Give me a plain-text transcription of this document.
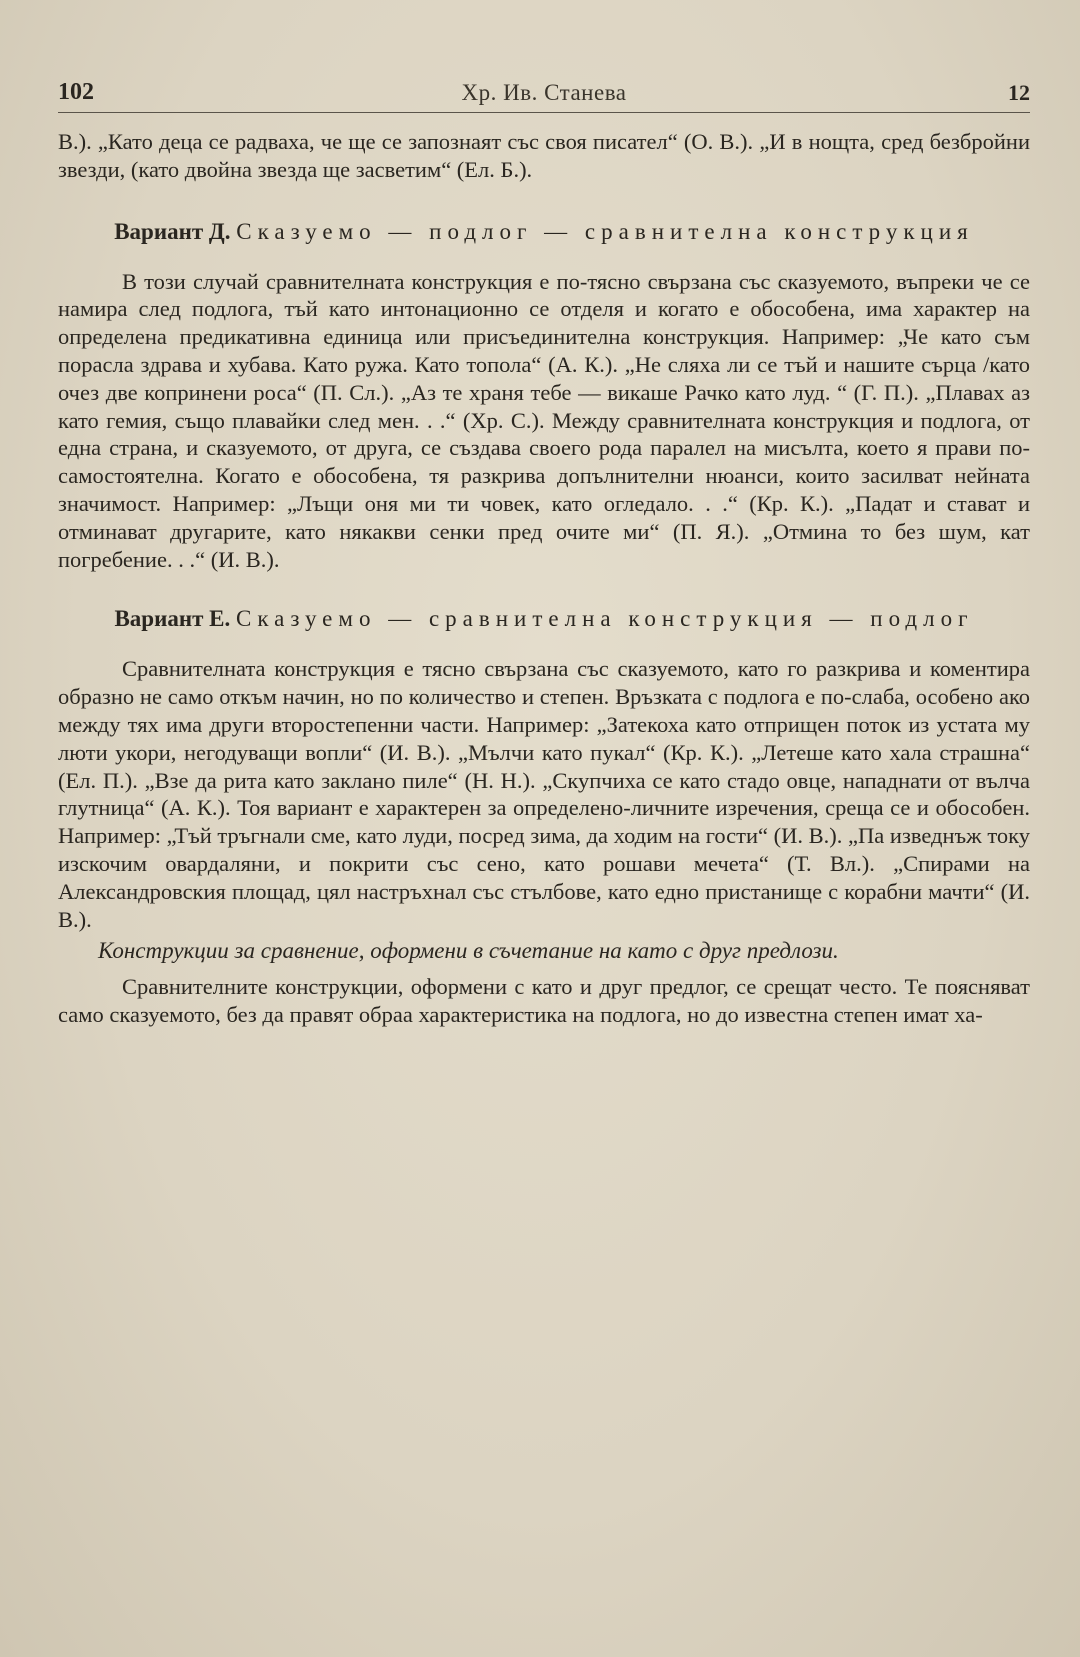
102	Хр. Ив. Станева	12

В.). „Като деца се радваха, че ще се запознаят със своя писател“ (О. В.). „И в нощта, сред безбройни звезди, (като двойна звезда ще засветим“ (Ел. Б.).

Вариант Д. Сказуемо — подлог — сравнителна конструкция

В този случай сравнителната конструкция е по-тясно свързана със сказуемото, въпреки че се намира след подлога, тъй като интонационно се отделя и когато е обособена, има характер на определена предикативна единица или присъединителна конструкция. Например: „Че като съм порасла здрава и хубава. Като ружа. Като топола“ (А. К.). „Не сляха ли се тъй и нашите сърца /като очез две копринени роса“ (П. Сл.). „Аз те храня тебе — викаше Рачко като луд. “ (Г. П.). „Плавах аз като гемия, също плавайки след мен. . .“ (Хр. С.). Между сравнителната конструкция и подлога, от една страна, и сказуемото, от друга, се създава своего рода паралел на мисълта, което я прави по-самостоятелна. Когато е обособена, тя разкрива допълнителни нюанси, които засилват нейната значимост. Например: „Лъщи оня ми ти човек, като огледало. . .“ (Кр. К.). „Падат и стават и отминават другарите, като някакви сенки пред очите ми“ (П. Я.). „Отмина то без шум, кат погребение. . .“ (И. В.).

Вариант Е. Сказуемо — сравнителна конструкция — подлог

Сравнителната конструкция е тясно свързана със сказуемото, като го разкрива и коментира образно не само откъм начин, но по количество и степен. Връзката с подлога е по-слаба, особено ако между тях има други второстепенни части. Например: „Затекоха като отприщен поток из устата му люти укори, негодуващи вопли“ (И. В.). „Мълчи като пукал“ (Кр. К.). „Летеше като хала страшна“ (Ел. П.). „Взе да рита като заклано пиле“ (Н. Н.). „Скупчиха се като стадо овце, нападнати от вълча глутница“ (А. К.). Тоя вариант е характерен за определено-личните изречения, среща се и обособен. Например: „Тъй тръгнали сме, като луди, посред зима, да ходим на гости“ (И. В.). „Па изведнъж току изскочим овардаляни, и покрити със сено, като рошави мечета“ (Т. Вл.). „Спирами на Александровския площад, цял настръхнал със стълбове, като едно пристанище с корабни мачти“ (И. В.).

Конструкции за сравнение, оформени в съчетание на като с друг предлози.

Сравнителните конструкции, оформени с като и друг предлог, се срещат често. Те поясняват само сказуемото, без да правят обраа характеристика на подлога, но до известна степен имат ха-
